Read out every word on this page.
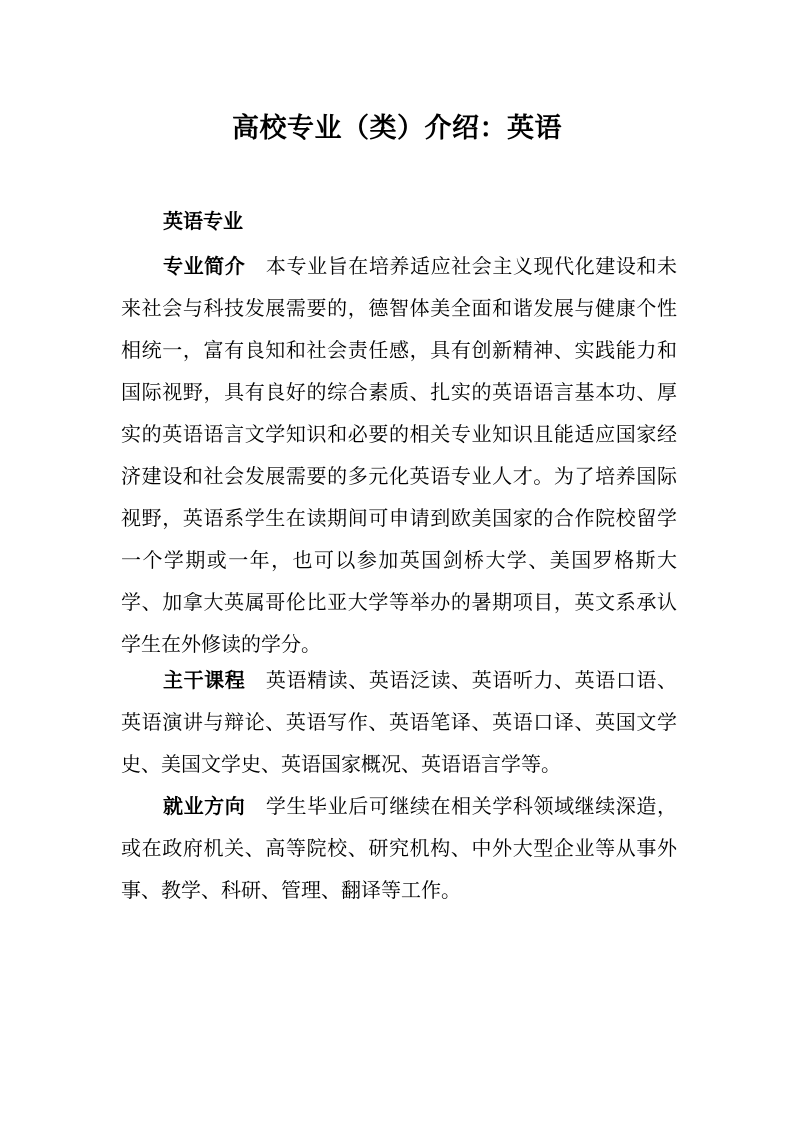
高校专业（类）介绍：英语
英语专业
专业简介 本专业旨在培养适应社会主义现代化建设和未来社会与科技发展需要的，德智体美全面和谐发展与健康个性相统一，富有良知和社会责任感，具有创新精神、实践能力和国际视野，具有良好的综合素质、扎实的英语语言基本功、厚实的英语语言文学知识和必要的相关专业知识且能适应国家经济建设和社会发展需要的多元化英语专业人才。为了培养国际视野，英语系学生在读期间可申请到欧美国家的合作院校留学一个学期或一年，也可以参加英国剑桥大学、美国罗格斯大学、加拿大英属哥伦比亚大学等举办的暑期项目，英文系承认学生在外修读的学分。
主干课程 英语精读、英语泛读、英语听力、英语口语、英语演讲与辩论、英语写作、英语笔译、英语口译、英国文学史、美国文学史、英语国家概况、英语语言学等。
就业方向 学生毕业后可继续在相关学科领域继续深造，或在政府机关、高等院校、研究机构、中外大型企业等从事外事、教学、科研、管理、翻译等工作。
